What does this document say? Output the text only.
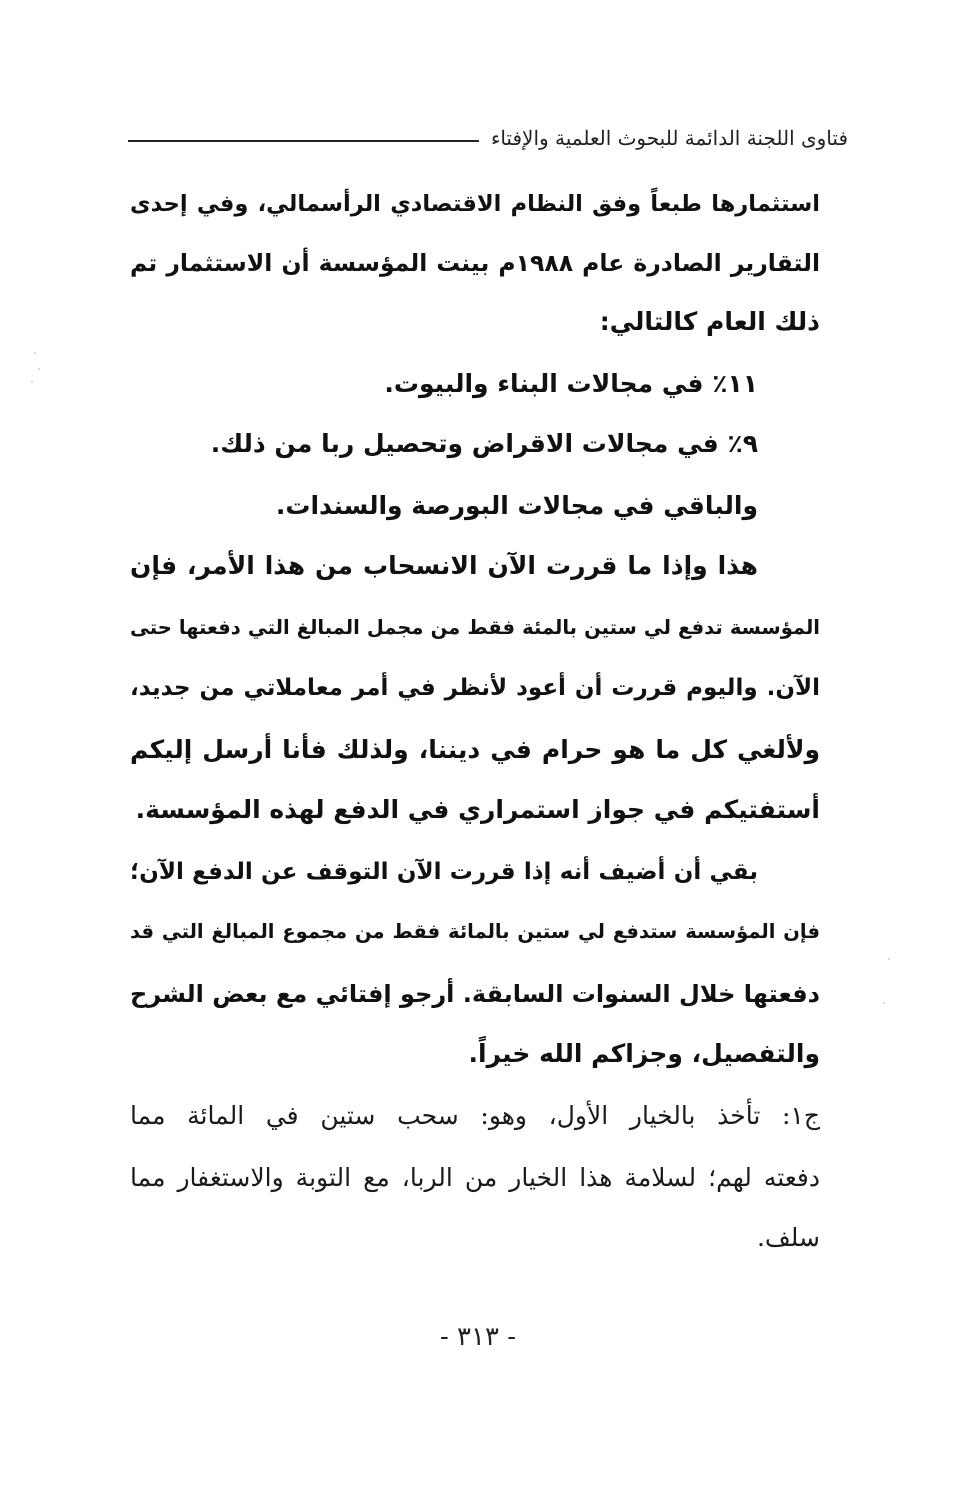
فتاوى اللجنة الدائمة للبحوث العلمية والإفتاء
استثمارها طبعاً وفق النظام الاقتصادي الرأسمالي، وفي إحدى
التقارير الصادرة عام ١٩٨٨م بينت المؤسسة أن الاستثمار تم
ذلك العام كالتالي:
١١٪ في مجالات البناء والبيوت.
٩٪ في مجالات الاقراض وتحصيل ربا من ذلك.
والباقي في مجالات البورصة والسندات.
هذا وإذا ما قررت الآن الانسحاب من هذا الأمر، فإن
المؤسسة تدفع لي ستين بالمئة فقط من مجمل المبالغ التي دفعتها حتى
الآن. واليوم قررت أن أعود لأنظر في أمر معاملاتي من جديد،
ولألغي كل ما هو حرام في ديننا، ولذلك فأنا أرسل إليكم
أستفتيكم في جواز استمراري في الدفع لهذه المؤسسة.
بقي أن أضيف أنه إذا قررت الآن التوقف عن الدفع الآن؛
فإن المؤسسة ستدفع لي ستين بالمائة فقط من مجموع المبالغ التي قد
دفعتها خلال السنوات السابقة. أرجو إفتائي مع بعض الشرح
والتفصيل، وجزاكم الله خيراً.
ج١: تأخذ بالخيار الأول، وهو: سحب ستين في المائة مما
دفعته لهم؛ لسلامة هذا الخيار من الربا، مع التوبة والاستغفار مما
سلف.
- ٣١٣ -
